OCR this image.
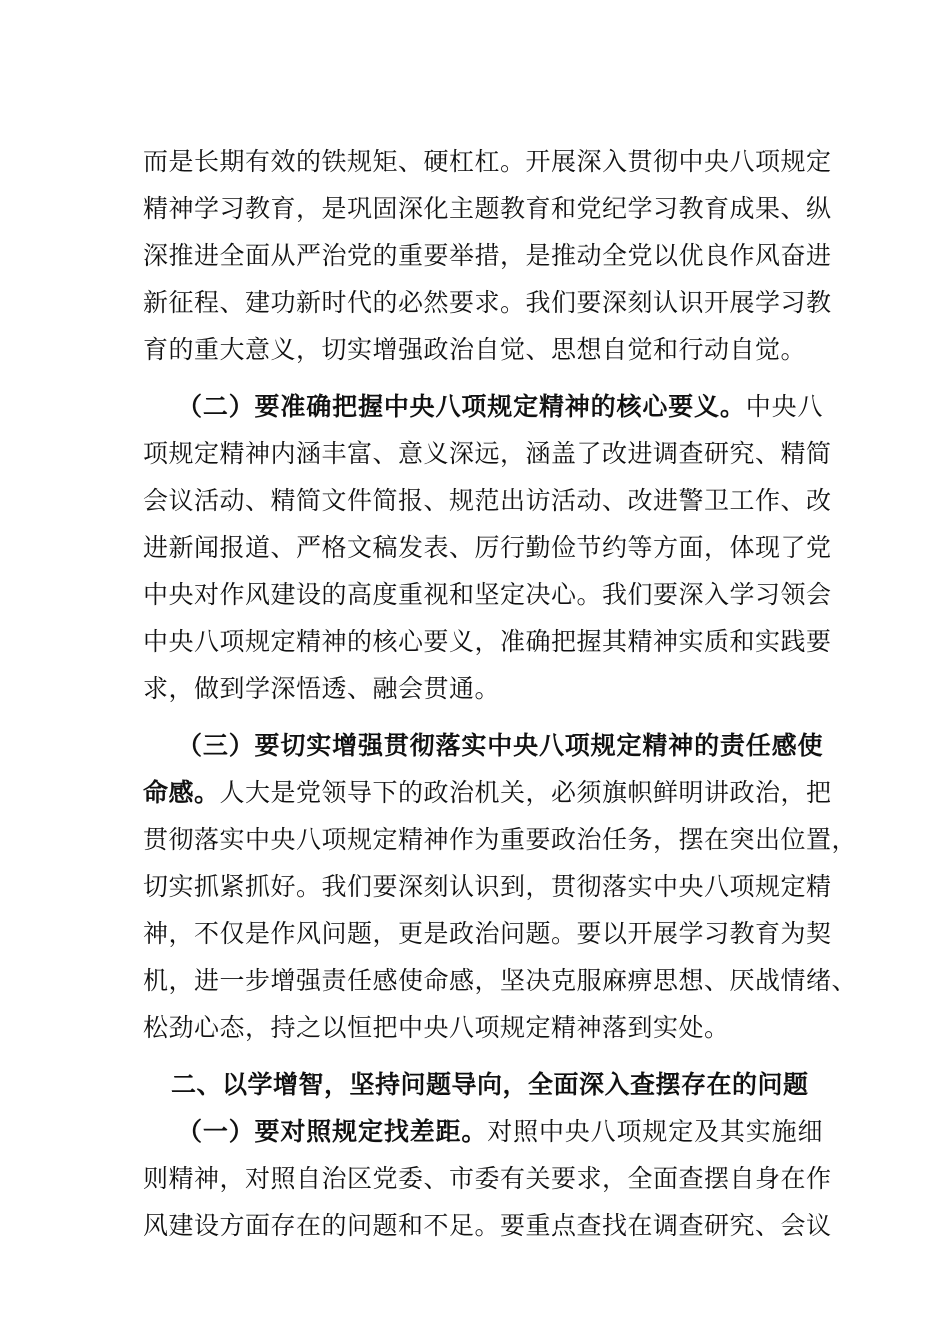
而是长期有效的铁规矩、硬杠杠。开展深入贯彻中央八项规定
精神学习教育，是巩固深化主题教育和党纪学习教育成果、纵
深推进全面从严治党的重要举措，是推动全党以优良作风奋进
新征程、建功新时代的必然要求。我们要深刻认识开展学习教
育的重大意义，切实增强政治自觉、思想自觉和行动自觉。
（二）要准确把握中央八项规定精神的核心要义。中央八
项规定精神内涵丰富、意义深远，涵盖了改进调查研究、精简
会议活动、精简文件简报、规范出访活动、改进警卫工作、改
进新闻报道、严格文稿发表、厉行勤俭节约等方面，体现了党
中央对作风建设的高度重视和坚定决心。我们要深入学习领会
中央八项规定精神的核心要义，准确把握其精神实质和实践要
求，做到学深悟透、融会贯通。
（三）要切实增强贯彻落实中央八项规定精神的责任感使
命感。人大是党领导下的政治机关，必须旗帜鲜明讲政治，把
贯彻落实中央八项规定精神作为重要政治任务，摆在突出位置，
切实抓紧抓好。我们要深刻认识到，贯彻落实中央八项规定精
神，不仅是作风问题，更是政治问题。要以开展学习教育为契
机，进一步增强责任感使命感，坚决克服麻痹思想、厌战情绪、
松劲心态，持之以恒把中央八项规定精神落到实处。
二、以学增智，坚持问题导向，全面深入查摆存在的问题
（一）要对照规定找差距。对照中央八项规定及其实施细
则精神，对照自治区党委、市委有关要求，全面查摆自身在作
风建设方面存在的问题和不足。要重点查找在调查研究、会议
